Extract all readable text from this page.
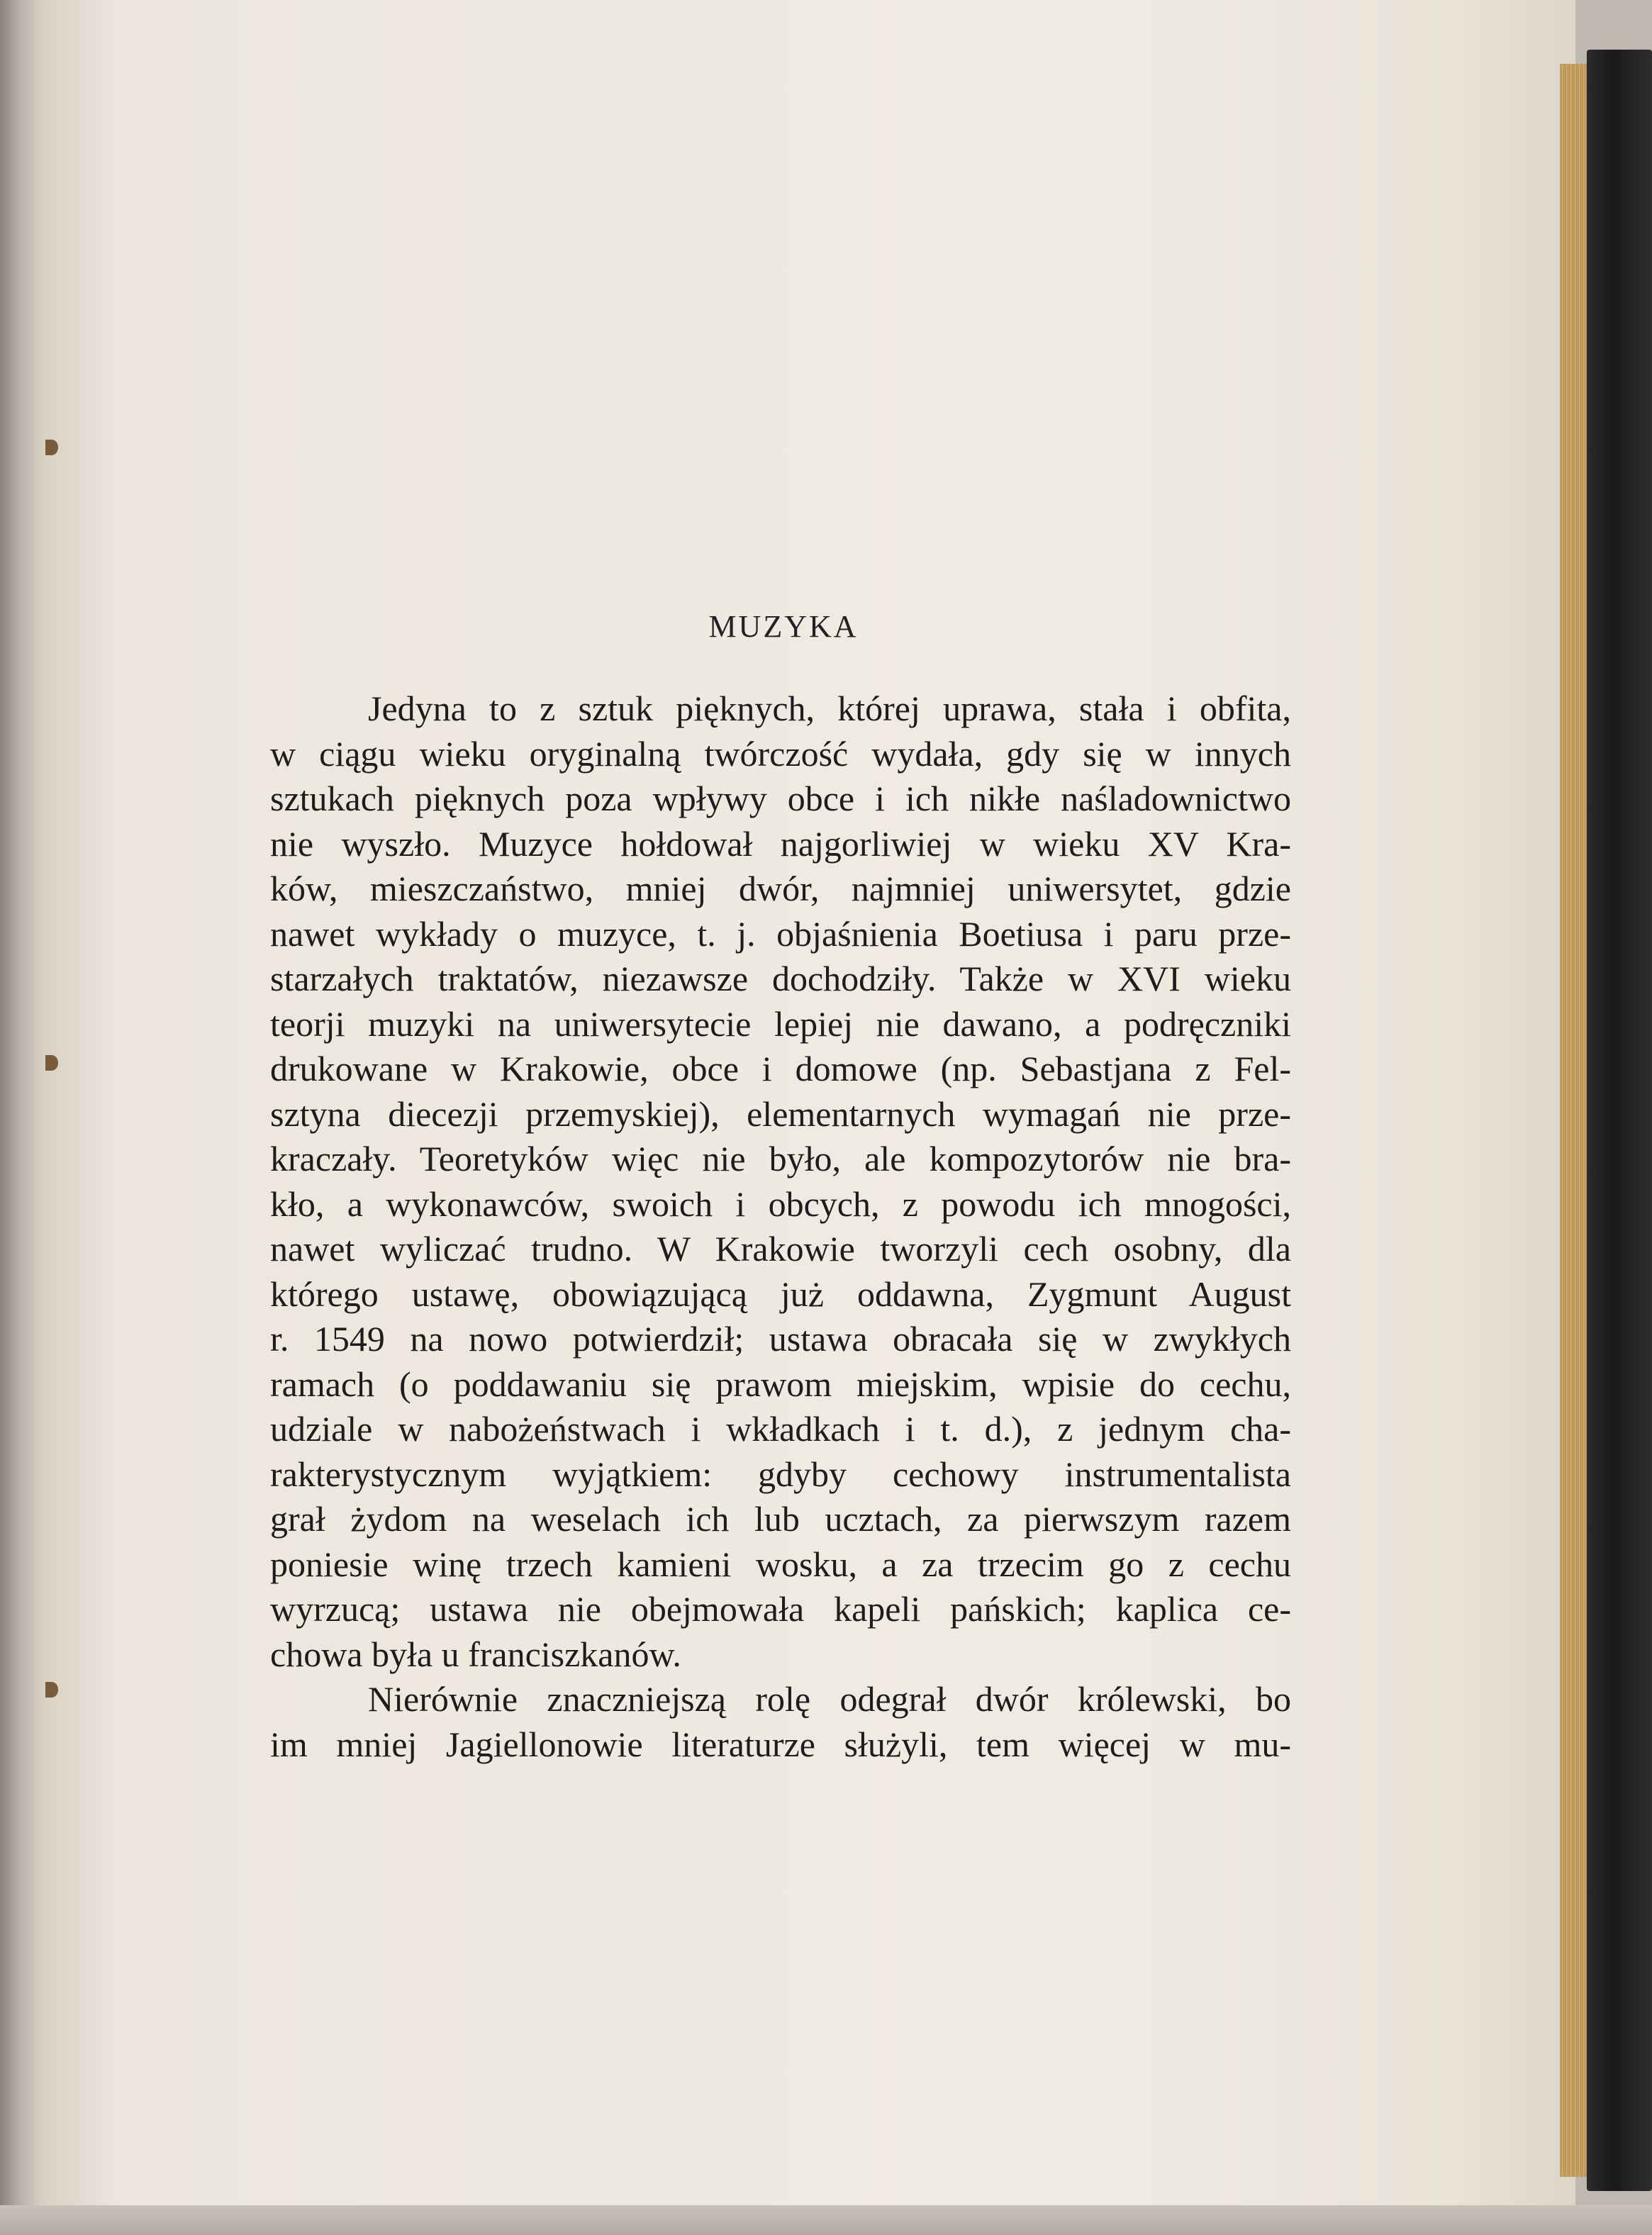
MUZYKA
Jedyna to z sztuk pięknych, której uprawa, stała i obfita,
w ciągu wieku oryginalną twórczość wydała, gdy się w innych
sztukach pięknych poza wpływy obce i ich nikłe naśladownictwo
nie wyszło. Muzyce hołdował najgorliwiej w wieku XV Kra-
ków, mieszczaństwo, mniej dwór, najmniej uniwersytet, gdzie
nawet wykłady o muzyce, t. j. objaśnienia Boetiusa i paru prze-
starzałych traktatów, niezawsze dochodziły. Także w XVI wieku
teorji muzyki na uniwersytecie lepiej nie dawano, a podręczniki
drukowane w Krakowie, obce i domowe (np. Sebastjana z Fel-
sztyna diecezji przemyskiej), elementarnych wymagań nie prze-
kraczały. Teoretyków więc nie było, ale kompozytorów nie bra-
kło, a wykonawców, swoich i obcych, z powodu ich mnogości,
nawet wyliczać trudno. W Krakowie tworzyli cech osobny, dla
którego ustawę, obowiązującą już oddawna, Zygmunt August
r. 1549 na nowo potwierdził; ustawa obracała się w zwykłych
ramach (o poddawaniu się prawom miejskim, wpisie do cechu,
udziale w nabożeństwach i wkładkach i t. d.), z jednym cha-
rakterystycznym wyjątkiem: gdyby cechowy instrumentalista
grał żydom na weselach ich lub ucztach, za pierwszym razem
poniesie winę trzech kamieni wosku, a za trzecim go z cechu
wyrzucą; ustawa nie obejmowała kapeli pańskich; kaplica ce-
chowa była u franciszkanów.
Nierównie znaczniejszą rolę odegrał dwór królewski, bo
im mniej Jagiellonowie literaturze służyli, tem więcej w mu-
